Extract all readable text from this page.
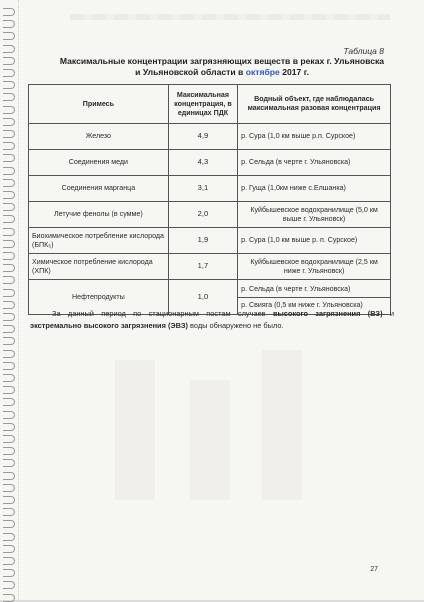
Таблица 8
Максимальные концентрации загрязняющих веществ в реках г. Ульяновска
и Ульяновской области в октябре 2017 г.
Примесь	Максимальная концентрация, в единицах ПДК	Водный объект, где наблюдалась максимальная разовая концентрация
Железо	4,9	р. Сура (1,0 км выше р.п. Сурское)
Соединения меди	4,3	р. Сельда (в черте г. Ульяновска)
Соединения марганца	3,1	р. Гуща (1,0км ниже с.Елшанка)
Летучие фенолы (в сумме)	2,0	Куйбышевское водохранилище (5,0 км выше г. Ульяновск)
Биохимическое потребление кислорода (БПК₅)	1,9	р. Сура (1,0 км выше р. п. Сурское)
Химическое потребление кислорода (ХПК)	1,7	Куйбышевское водохранилище (2,5 км ниже г. Ульяновск)
Нефтепродукты	1,0	р. Сельда (в черте г. Ульяновска)
р. Свияга (0,5 км ниже г. Ульяновска)
За данный период по стационарным постам случаев высокого загрязнения (ВЗ) и экстремально высокого загрязнения (ЭВЗ) воды обнаружено не было.
27
